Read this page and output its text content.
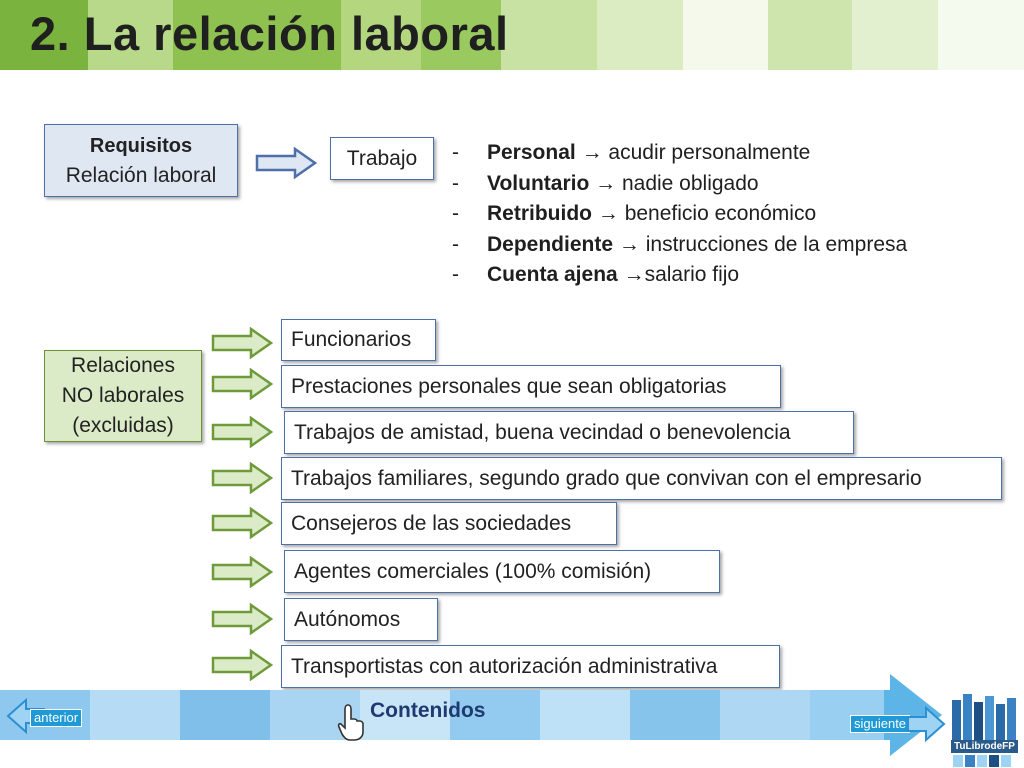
2. La relación laboral
Requisitos
Relación laboral
Trabajo	- Personal → acudir personalmente
- Voluntario → nadie obligado
- Retribuido → beneficio económico
- Dependiente → instrucciones de la empresa
- Cuenta ajena →salario fijo
Relaciones
NO laborales
(excluidas)
Funcionarios
Prestaciones personales que sean obligatorias
Trabajos de amistad, buena vecindad o benevolencia
Trabajos familiares, segundo grado que convivan con el empresario
Consejeros de las sociedades
Agentes comerciales (100% comisión)
Autónomos
Transportistas con autorización administrativa
anterior	Contenidos
siguiente
TuLibrodeFP
